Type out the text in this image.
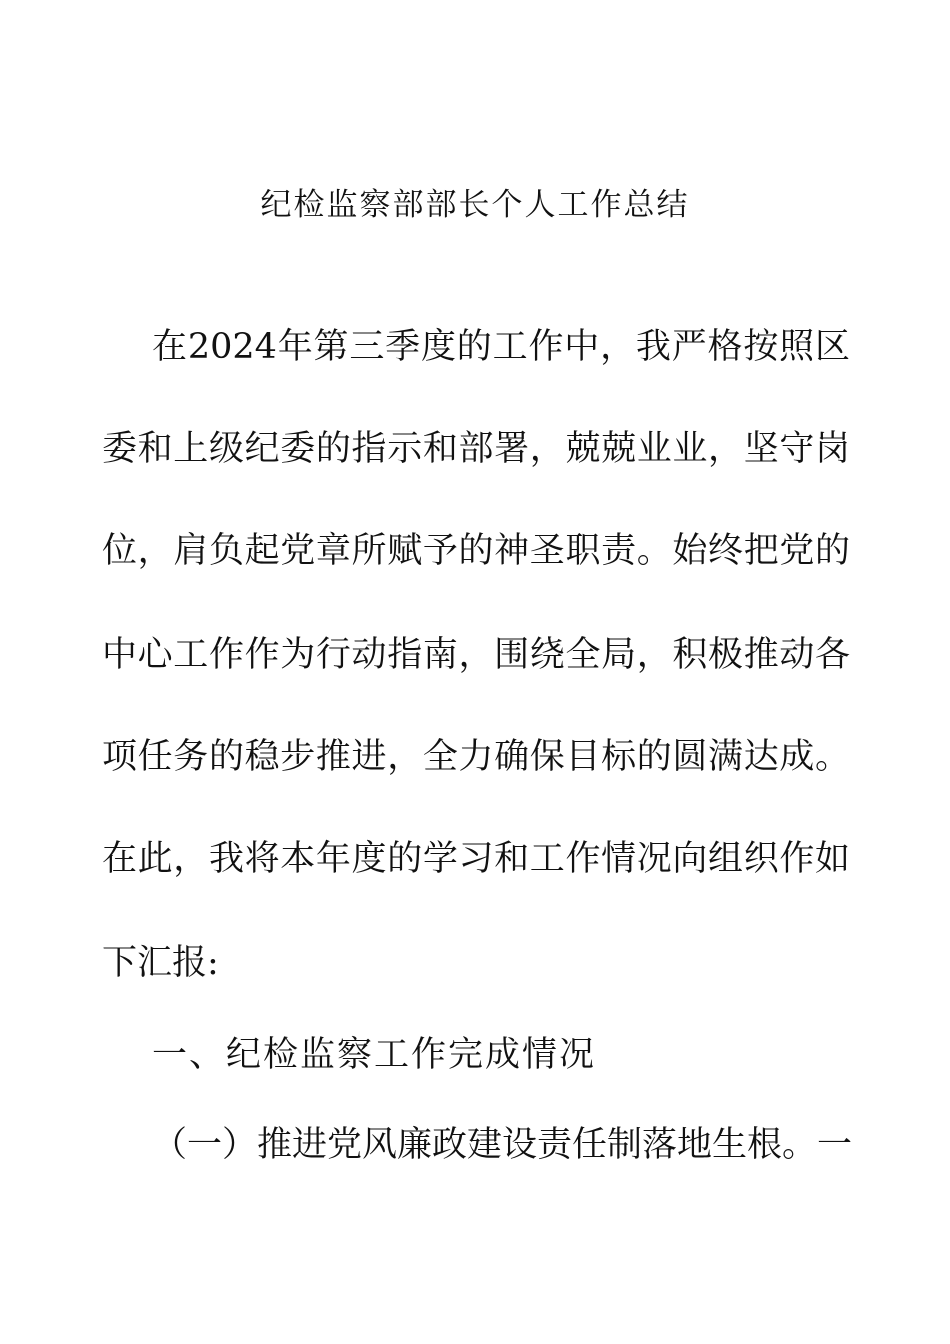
纪检监察部部长个人工作总结
在2024年第三季度的工作中，我严格按照区
委和上级纪委的指示和部署，兢兢业业，坚守岗
位，肩负起党章所赋予的神圣职责。始终把党的
中心工作作为行动指南，围绕全局，积极推动各
项任务的稳步推进，全力确保目标的圆满达成。
在此，我将本年度的学习和工作情况向组织作如
下汇报:
一、纪检监察工作完成情况
（一）推进党风廉政建设责任制落地生根。一
